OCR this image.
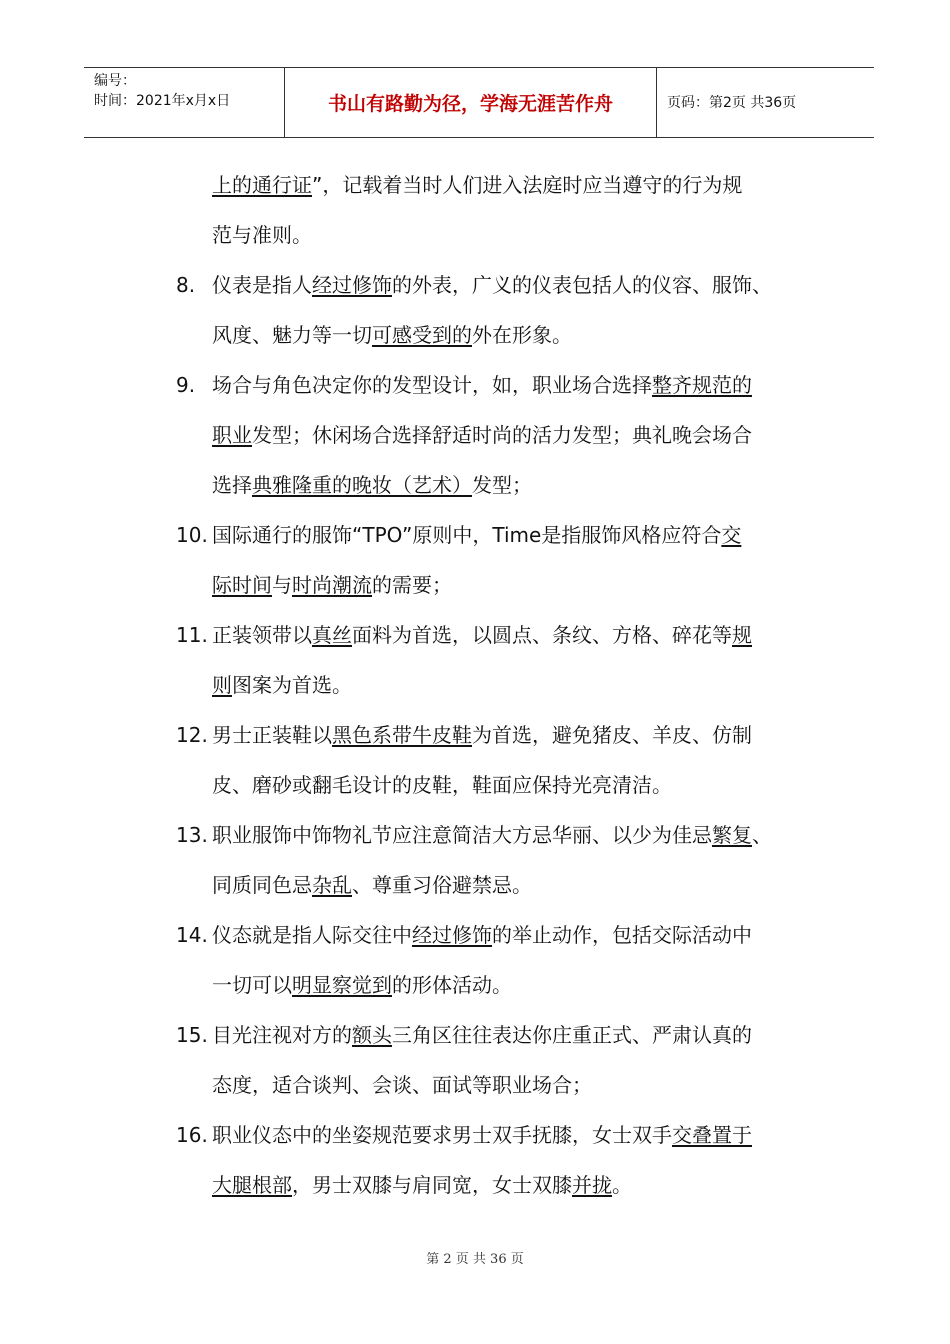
编号：
时间：2021年x月x日	书山有路勤为径，学海无涯苦作舟	页码：第2页 共36页
上的通行证”，记载着当时人们进入法庭时应当遵守的行为规
范与准则。
8. 仪表是指人经过修饰的外表，广义的仪表包括人的仪容、服饰、
风度、魅力等一切可感受到的外在形象。
9. 场合与角色决定你的发型设计，如，职业场合选择整齐规范的
职业发型；休闲场合选择舒适时尚的活力发型；典礼晚会场合
选择典雅隆重的晚妆（艺术）发型；
10. 国际通行的服饰“TPO”原则中，Time是指服饰风格应符合交
际时间与时尚潮流的需要；
11. 正装领带以真丝面料为首选，以圆点、条纹、方格、碎花等规
则图案为首选。
12. 男士正装鞋以黑色系带牛皮鞋为首选，避免猪皮、羊皮、仿制
皮、磨砂或翻毛设计的皮鞋，鞋面应保持光亮清洁。
13. 职业服饰中饰物礼节应注意简洁大方忌华丽、以少为佳忌繁复、
同质同色忌杂乱、尊重习俗避禁忌。
14. 仪态就是指人际交往中经过修饰的举止动作，包括交际活动中
一切可以明显察觉到的形体活动。
15. 目光注视对方的额头三角区往往表达你庄重正式、严肃认真的
态度，适合谈判、会谈、面试等职业场合；
16. 职业仪态中的坐姿规范要求男士双手抚膝，女士双手交叠置于
大腿根部，男士双膝与肩同宽，女士双膝并拢。
第 2 页 共 36 页
